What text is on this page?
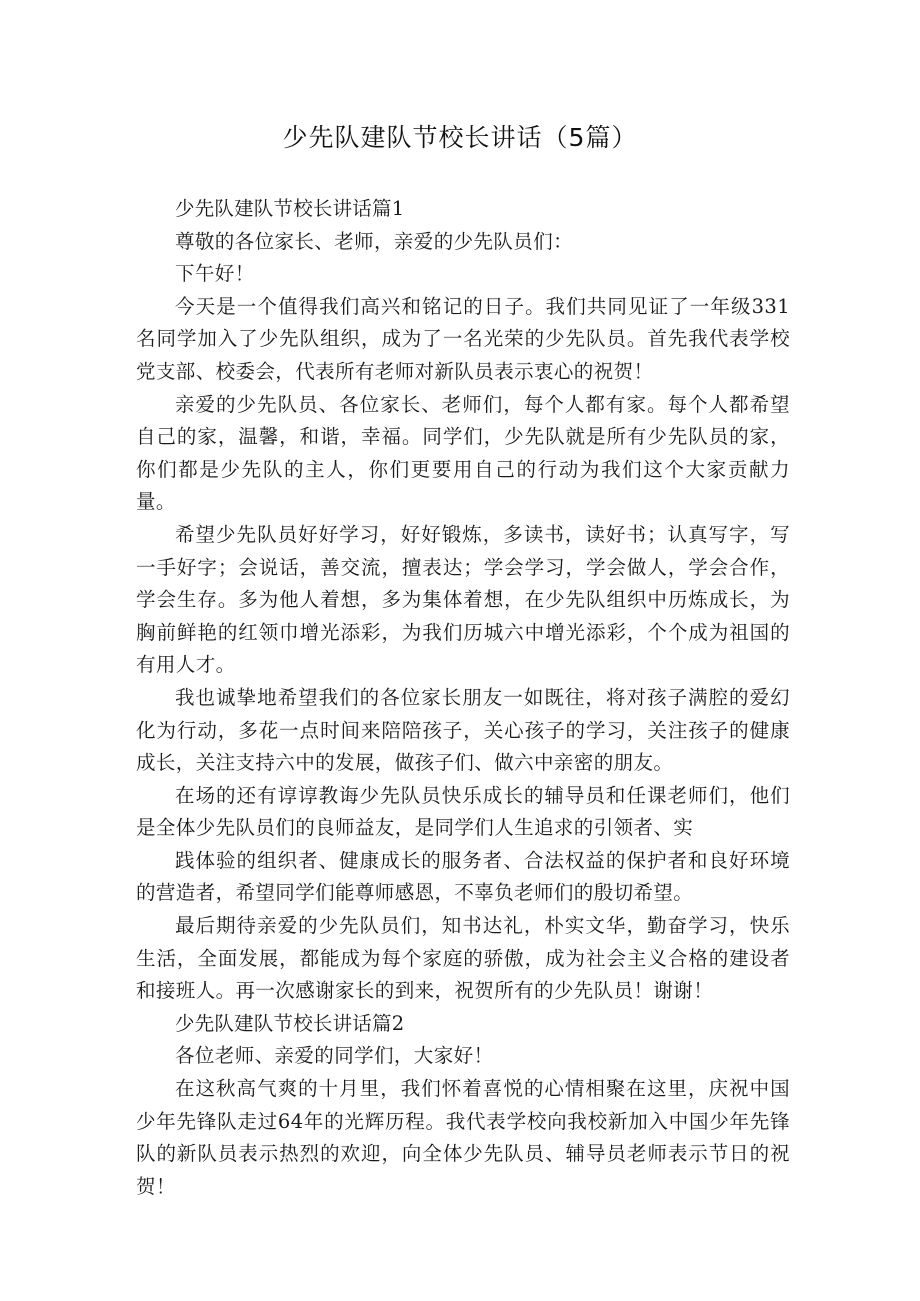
少先队建队节校长讲话（5篇）

少先队建队节校长讲话篇1

尊敬的各位家长、老师，亲爱的少先队员们：

下午好！

今天是一个值得我们高兴和铭记的日子。我们共同见证了一年级331名同学加入了少先队组织，成为了一名光荣的少先队员。首先我代表学校党支部、校委会，代表所有老师对新队员表示衷心的祝贺！

亲爱的少先队员、各位家长、老师们，每个人都有家。每个人都希望自己的家，温馨，和谐，幸福。同学们，少先队就是所有少先队员的家，你们都是少先队的主人，你们更要用自己的行动为我们这个大家贡献力量。

希望少先队员好好学习，好好锻炼，多读书，读好书；认真写字，写一手好字；会说话，善交流，擅表达；学会学习，学会做人，学会合作，学会生存。多为他人着想，多为集体着想，在少先队组织中历炼成长，为胸前鲜艳的红领巾增光添彩，为我们历城六中增光添彩，个个成为祖国的有用人才。

我也诚挚地希望我们的各位家长朋友一如既往，将对孩子满腔的爱幻化为行动，多花一点时间来陪陪孩子，关心孩子的学习，关注孩子的健康成长，关注支持六中的发展，做孩子们、做六中亲密的朋友。

在场的还有谆谆教诲少先队员快乐成长的辅导员和任课老师们，他们是全体少先队员们的良师益友，是同学们人生追求的引领者、实

践体验的组织者、健康成长的服务者、合法权益的保护者和良好环境的营造者，希望同学们能尊师感恩，不辜负老师们的殷切希望。

最后期待亲爱的少先队员们，知书达礼，朴实文华，勤奋学习，快乐生活，全面发展，都能成为每个家庭的骄傲，成为社会主义合格的建设者和接班人。再一次感谢家长的到来，祝贺所有的少先队员！谢谢！

少先队建队节校长讲话篇2

各位老师、亲爱的同学们，大家好！

在这秋高气爽的十月里，我们怀着喜悦的心情相聚在这里，庆祝中国少年先锋队走过64年的光辉历程。我代表学校向我校新加入中国少年先锋队的新队员表示热烈的欢迎，向全体少先队员、辅导员老师表示节日的祝贺！
